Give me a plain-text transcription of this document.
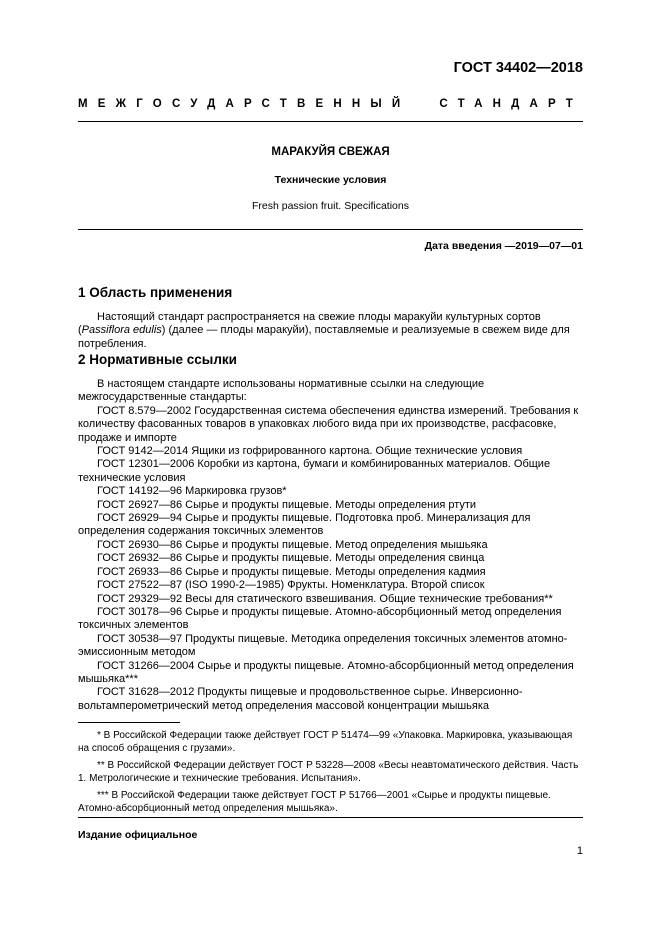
ГОСТ 34402—2018
МЕЖГОСУДАРСТВЕННЫЙ	СТАНДАРТ
МАРАКУЙЯ СВЕЖАЯ
Технические условия
Fresh passion fruit. Specifications
Дата введения —2019—07—01
1 Область применения

Настоящий стандарт распространяется на свежие плоды маракуйи культурных сортов (Passiflora edulis) (далее — плоды маракуйи), поставляемые и реализуемые в свежем виде для потребления.

2 Нормативные ссылки

В настоящем стандарте использованы нормативные ссылки на следующие межгосударственные стандарты:

ГОСТ 8.579—2002 Государственная система обеспечения единства измерений. Требования к количеству фасованных товаров в упаковках любого вида при их производстве, расфасовке, продаже и импорте

ГОСТ 9142—2014 Ящики из гофрированного картона. Общие технические условия

ГОСТ 12301—2006 Коробки из картона, бумаги и комбинированных материалов. Общие технические условия

ГОСТ 14192—96 Маркировка грузов*

ГОСТ 26927—86 Сырье и продукты пищевые. Методы определения ртути

ГОСТ 26929—94 Сырье и продукты пищевые. Подготовка проб. Минерализация для определения содержания токсичных элементов

ГОСТ 26930—86 Сырье и продукты пищевые. Метод определения мышьяка

ГОСТ 26932—86 Сырье и продукты пищевые. Методы определения свинца

ГОСТ 26933—86 Сырье и продукты пищевые. Методы определения кадмия

ГОСТ 27522—87 (ISO 1990-2—1985) Фрукты. Номенклатура. Второй список

ГОСТ 29329—92 Весы для статического взвешивания. Общие технические требования**

ГОСТ 30178—96 Сырье и продукты пищевые. Атомно-абсорбционный метод определения токсичных элементов

ГОСТ 30538—97 Продукты пищевые. Методика определения токсичных элементов атомно-эмиссионным методом

ГОСТ 31266—2004 Сырье и продукты пищевые. Атомно-абсорбционный метод определения мышьяка***

ГОСТ 31628—2012 Продукты пищевые и продовольственное сырье. Инверсионно-вольтамперометрический метод определения массовой концентрации мышьяка

* В Российской Федерации также действует ГОСТ Р 51474—99 «Упаковка. Маркировка, указывающая на способ обращения с грузами».

** В Российской Федерации действует ГОСТ Р 53228—2008 «Весы неавтоматического действия. Часть 1. Метрологические и технические требования. Испытания».

*** В Российской Федерации также действует ГОСТ Р 51766—2001 «Сырье и продукты пищевые. Атомно-абсорбционный метод определения мышьяка».

Издание официальное
1
